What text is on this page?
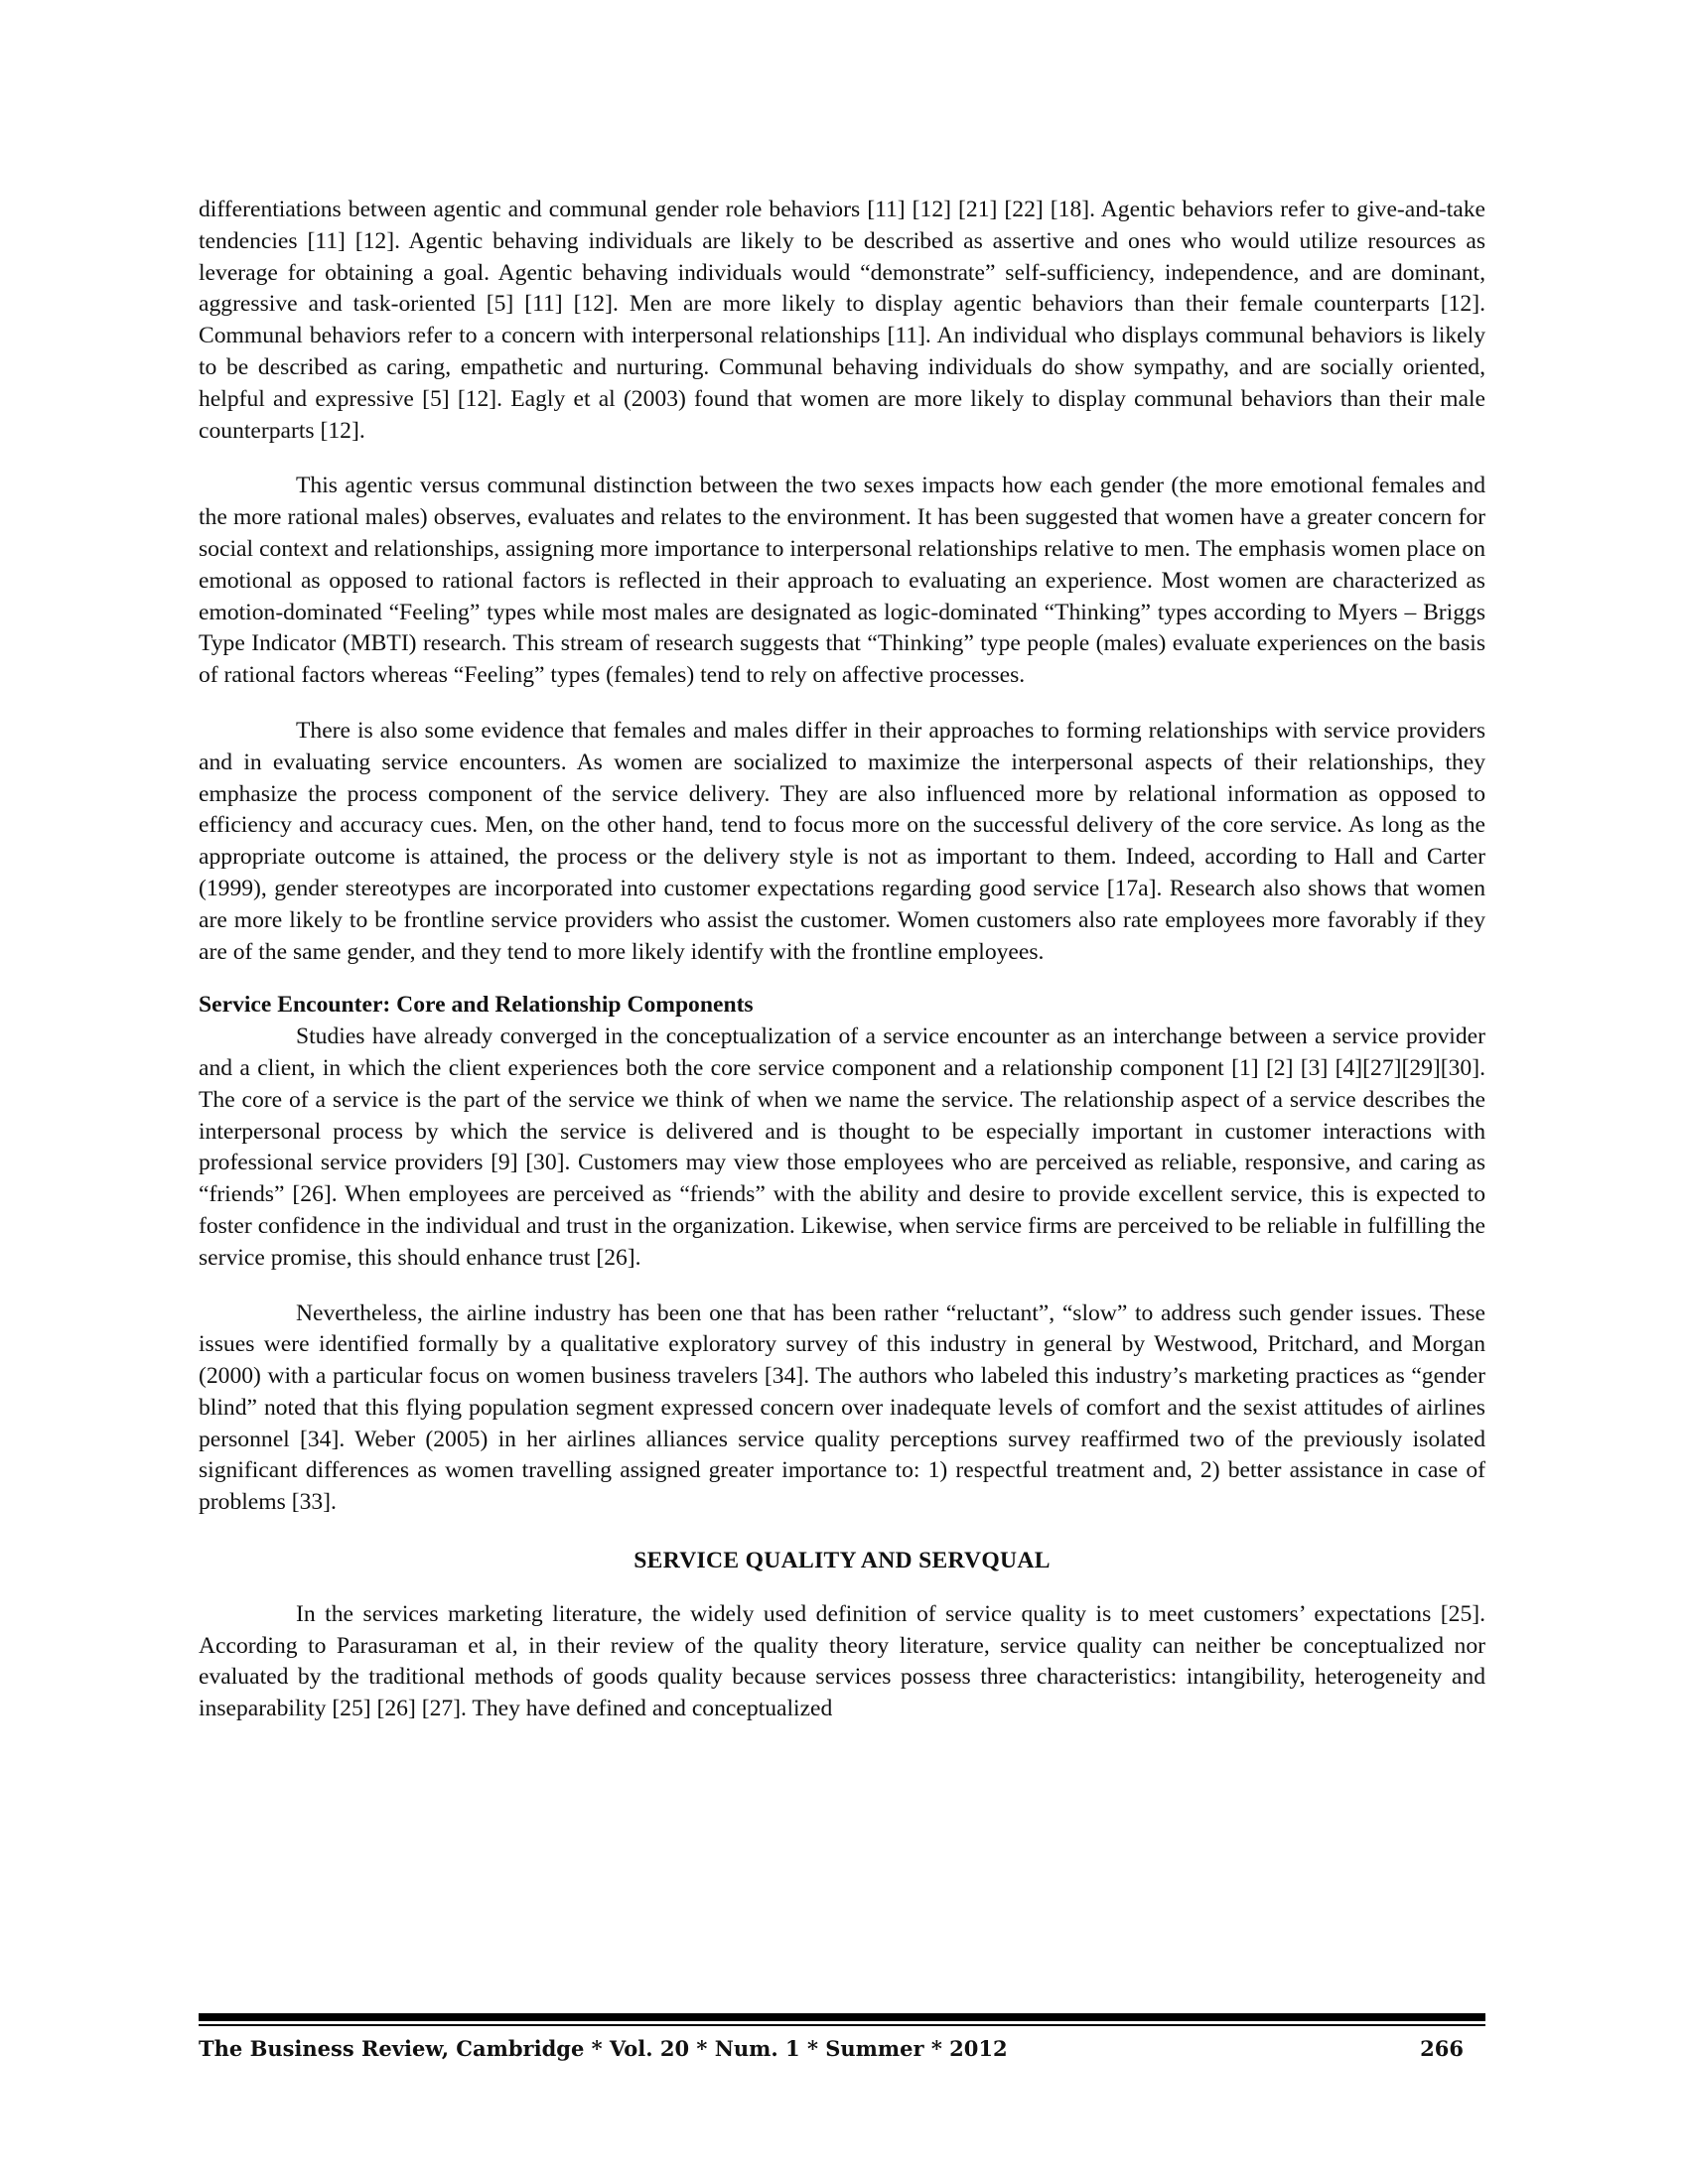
differentiations between agentic and communal gender role behaviors [11] [12] [21] [22] [18]. Agentic behaviors refer to give-and-take tendencies [11] [12]. Agentic behaving individuals are likely to be described as assertive and ones who would utilize resources as leverage for obtaining a goal. Agentic behaving individuals would “demonstrate” self-sufficiency, independence, and are dominant, aggressive and task-oriented [5] [11] [12]. Men are more likely to display agentic behaviors than their female counterparts [12]. Communal behaviors refer to a concern with interpersonal relationships [11]. An individual who displays communal behaviors is likely to be described as caring, empathetic and nurturing. Communal behaving individuals do show sympathy, and are socially oriented, helpful and expressive [5] [12]. Eagly et al (2003) found that women are more likely to display communal behaviors than their male counterparts [12].

This agentic versus communal distinction between the two sexes impacts how each gender (the more emotional females and the more rational males) observes, evaluates and relates to the environment. It has been suggested that women have a greater concern for social context and relationships, assigning more importance to interpersonal relationships relative to men. The emphasis women place on emotional as opposed to rational factors is reflected in their approach to evaluating an experience. Most women are characterized as emotion-dominated “Feeling” types while most males are designated as logic-dominated “Thinking” types according to Myers – Briggs Type Indicator (MBTI) research. This stream of research suggests that “Thinking” type people (males) evaluate experiences on the basis of rational factors whereas “Feeling” types (females) tend to rely on affective processes.

There is also some evidence that females and males differ in their approaches to forming relationships with service providers and in evaluating service encounters. As women are socialized to maximize the interpersonal aspects of their relationships, they emphasize the process component of the service delivery. They are also influenced more by relational information as opposed to efficiency and accuracy cues. Men, on the other hand, tend to focus more on the successful delivery of the core service. As long as the appropriate outcome is attained, the process or the delivery style is not as important to them. Indeed, according to Hall and Carter (1999), gender stereotypes are incorporated into customer expectations regarding good service [17a]. Research also shows that women are more likely to be frontline service providers who assist the customer. Women customers also rate employees more favorably if they are of the same gender, and they tend to more likely identify with the frontline employees.

Service Encounter: Core and Relationship Components

Studies have already converged in the conceptualization of a service encounter as an interchange between a service provider and a client, in which the client experiences both the core service component and a relationship component [1] [2] [3] [4][27][29][30]. The core of a service is the part of the service we think of when we name the service. The relationship aspect of a service describes the interpersonal process by which the service is delivered and is thought to be especially important in customer interactions with professional service providers [9] [30]. Customers may view those employees who are perceived as reliable, responsive, and caring as “friends” [26]. When employees are perceived as “friends” with the ability and desire to provide excellent service, this is expected to foster confidence in the individual and trust in the organization. Likewise, when service firms are perceived to be reliable in fulfilling the service promise, this should enhance trust [26].

Nevertheless, the airline industry has been one that has been rather “reluctant”, “slow” to address such gender issues. These issues were identified formally by a qualitative exploratory survey of this industry in general by Westwood, Pritchard, and Morgan (2000) with a particular focus on women business travelers [34]. The authors who labeled this industry’s marketing practices as “gender blind” noted that this flying population segment expressed concern over inadequate levels of comfort and the sexist attitudes of airlines personnel [34]. Weber (2005) in her airlines alliances service quality perceptions survey reaffirmed two of the previously isolated significant differences as women travelling assigned greater importance to: 1) respectful treatment and, 2) better assistance in case of problems [33].

SERVICE QUALITY AND SERVQUAL

In the services marketing literature, the widely used definition of service quality is to meet customers’ expectations [25]. According to Parasuraman et al, in their review of the quality theory literature, service quality can neither be conceptualized nor evaluated by the traditional methods of goods quality because services possess three characteristics: intangibility, heterogeneity and inseparability [25] [26] [27]. They have defined and conceptualized

The Business Review, Cambridge * Vol. 20 * Num. 1 * Summer * 2012	266
